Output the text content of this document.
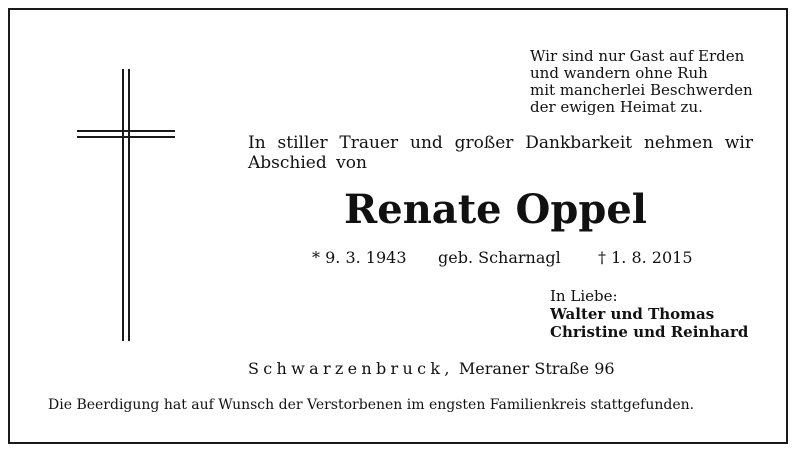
Wir sind nur Gast auf Erden
und wandern ohne Ruh
mit mancherlei Beschwerden
der ewigen Heimat zu.

In stiller Trauer und großer Dankbarkeit nehmen wir Abschied von

Renate Oppel
* 9. 3. 1943 geb. Scharnagl † 1. 8. 2015
In Liebe:
Walter und Thomas
Christine und Reinhard
Schwarzenbruck, Meraner Straße 96
Die Beerdigung hat auf Wunsch der Verstorbenen im engsten Familienkreis stattgefunden.
